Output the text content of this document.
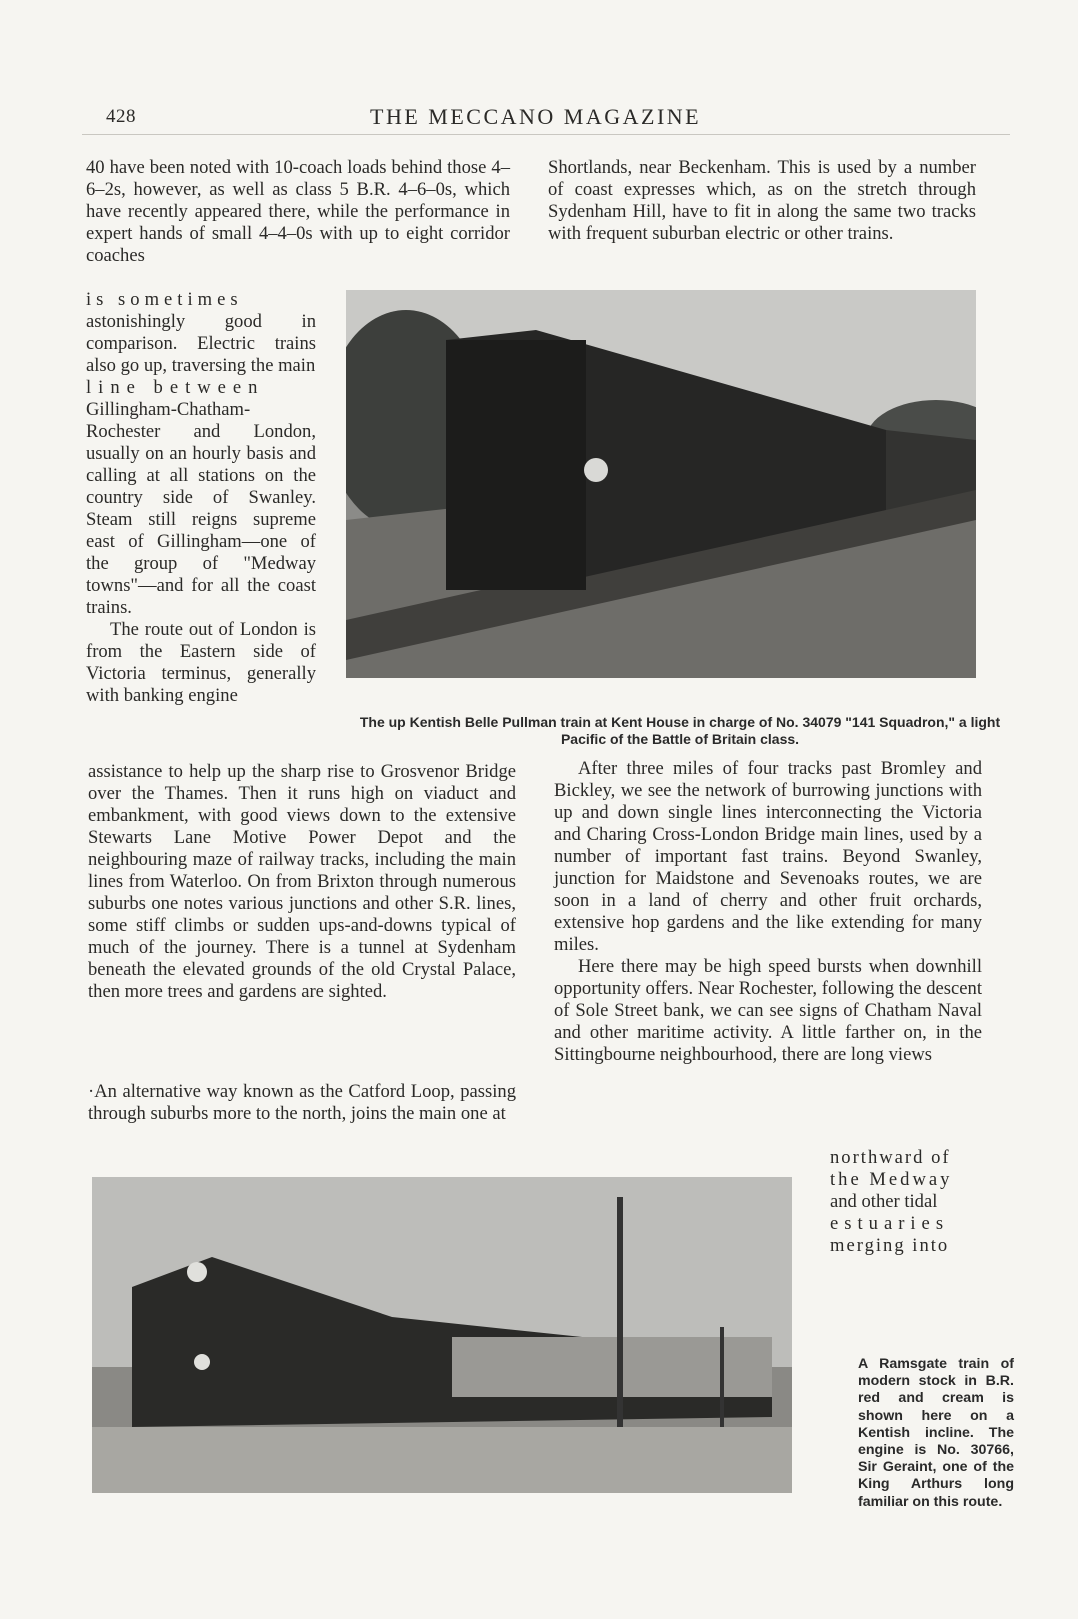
428	THE MECCANO MAGAZINE

40 have been noted with 10-coach loads behind those 4–6–2s, however, as well as class 5 B.R. 4–6–0s, which have recently appeared there, while the performance in expert hands of small 4–4–0s with up to eight corridor coaches

is sometimes

astonishingly good in comparison. Electric trains also go up, traversing the main

line between

Gillingham-Chatham-Rochester and London, usually on an hourly basis and calling at all stations on the country side of Swanley. Steam still reigns supreme east of Gillingham—one of the group of "Medway towns"—and for all the coast trains.

The route out of London is from the Eastern side of Victoria terminus, generally with banking engine

assistance to help up the sharp rise to Grosvenor Bridge over the Thames. Then it runs high on viaduct and embankment, with good views down to the extensive Stewarts Lane Motive Power Depot and the neighbouring maze of railway tracks, including the main lines from Waterloo. On from Brixton through numerous suburbs one notes various junctions and other S.R. lines, some stiff climbs or sudden ups-and-downs typical of much of the journey. There is a tunnel at Sydenham beneath the elevated grounds of the old Crystal Palace, then more trees and gardens are sighted.

·An alternative way known as the Catford Loop, passing through suburbs more to the north, joins the main one at

Shortlands, near Beckenham. This is used by a number of coast expresses which, as on the stretch through Sydenham Hill, have to fit in along the same two tracks with frequent suburban electric or other trains.

The up Kentish Belle Pullman train at Kent House in charge of No. 34079 "141 Squadron," a light Pacific of the Battle of Britain class.

After three miles of four tracks past Bromley and Bickley, we see the network of burrowing junctions with up and down single lines interconnecting the Victoria and Charing Cross-London Bridge main lines, used by a number of important fast trains. Beyond Swanley, junction for Maidstone and Sevenoaks routes, we are soon in a land of cherry and other fruit orchards, extensive hop gardens and the like extending for many miles.

Here there may be high speed bursts when downhill opportunity offers. Near Rochester, following the descent of Sole Street bank, we can see signs of Chatham Naval and other maritime activity. A little farther on, in the Sittingbourne neighbourhood, there are long views

northward of

the Medway

and other tidal

estuaries

merging into

A Ramsgate train of modern stock in B.R. red and cream is shown here on a Kentish incline. The engine is No. 30766, Sir Geraint, one of the King Arthurs long familiar on this route.
